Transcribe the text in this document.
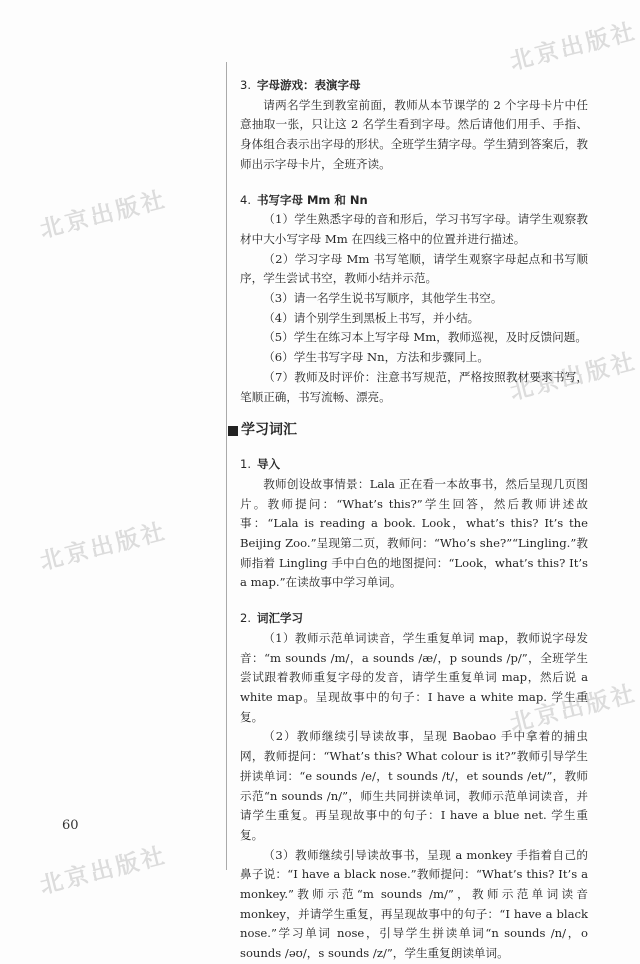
北京出版社
北京出版社
北京出版社
北京出版社
北京出版社
北京出版社
3. 字母游戏：表演字母

请两名学生到教室前面，教师从本节课学的 2 个字母卡片中任意抽取一张，只让这 2 名学生看到字母。然后请他们用手、手指、身体组合表示出字母的形状。全班学生猜字母。学生猜到答案后，教师出示字母卡片，全班齐读。

4. 书写字母 Mm 和 Nn

（1）学生熟悉字母的音和形后，学习书写字母。请学生观察教材中大小写字母 Mm 在四线三格中的位置并进行描述。

（2）学习字母 Mm 书写笔顺，请学生观察字母起点和书写顺序，学生尝试书空，教师小结并示范。

（3）请一名学生说书写顺序，其他学生书空。

（4）请个别学生到黑板上书写，并小结。

（5）学生在练习本上写字母 Mm，教师巡视，及时反馈问题。

（6）学生书写字母 Nn，方法和步骤同上。

（7）教师及时评价：注意书写规范，严格按照教材要求书写，笔顺正确，书写流畅、漂亮。

学习词汇
1. 导入

教师创设故事情景：Lala 正在看一本故事书，然后呈现几页图片。教师提问：“What’s this?”学生回答，然后教师讲述故事：“Lala is reading a book. Look，what’s this? It’s the Beijing Zoo.”呈现第二页，教师问：“Who’s she?”“Lingling.”教师指着 Lingling 手中白色的地图提问：“Look，what’s this? It’s a map.”在读故事中学习单词。

2. 词汇学习

（1）教师示范单词读音，学生重复单词 map，教师说字母发音：“m sounds /m/，a sounds /æ/，p sounds /p/”，全班学生尝试跟着教师重复字母的发音，请学生重复单词 map，然后说 a white map。呈现故事中的句子：I have a white map. 学生重复。

（2）教师继续引导读故事，呈现 Baobao 手中拿着的捕虫网，教师提问：“What’s this? What colour is it?”教师引导学生拼读单词：“e sounds /e/，t sounds /t/，et sounds /et/”，教师示范“n sounds /n/”，师生共同拼读单词，教师示范单词读音，并请学生重复。再呈现故事中的句子：I have a blue net. 学生重复。

（3）教师继续引导读故事书，呈现 a monkey 手指着自己的鼻子说：“I have a black nose.”教师提问：“What’s this? It’s a monkey.”教师示范“m sounds /m/”，教师示范单词读音 monkey，并请学生重复，再呈现故事中的句子：“I have a black nose.”学习单词 nose，引导学生拼读单词“n sounds /n/，o sounds /əʊ/，s sounds /z/”，学生重复朗读单词。

60
